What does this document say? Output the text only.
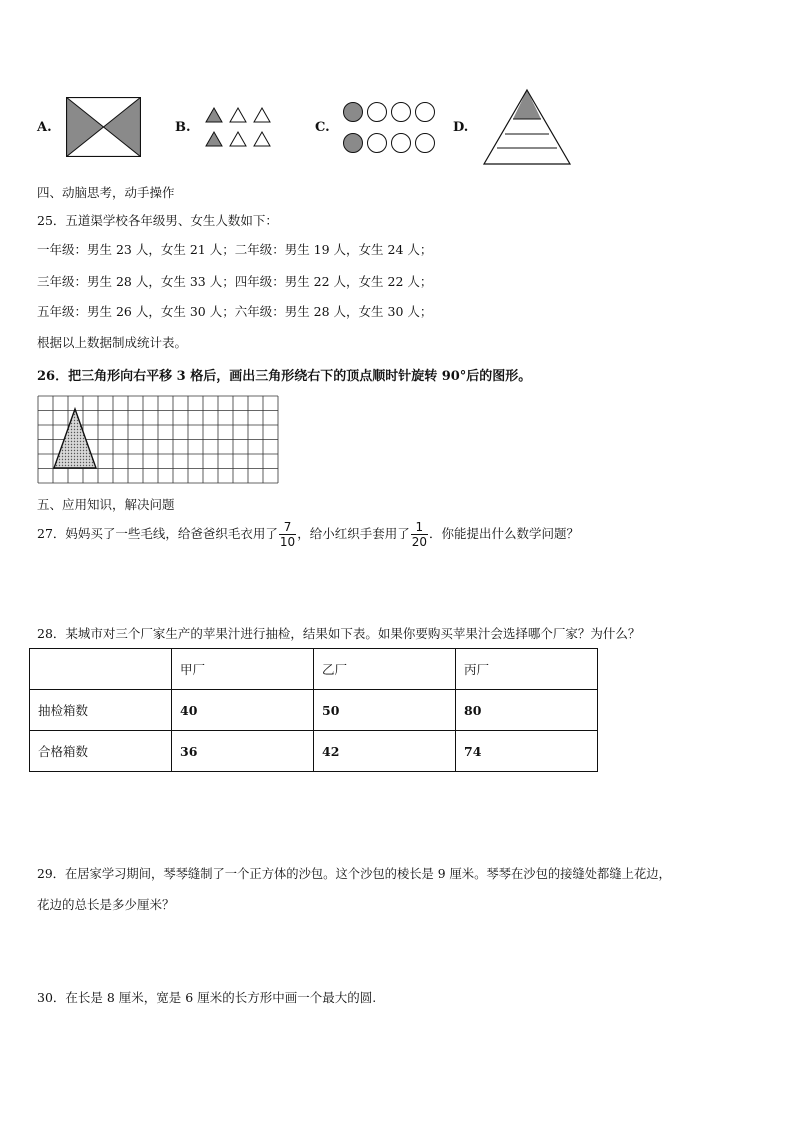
A.	B.	C.	D.
四、动脑思考，动手操作
25．五道渠学校各年级男、女生人数如下：
一年级：男生 23 人，女生 21 人；二年级：男生 19 人，女生 24 人；
三年级：男生 28 人，女生 33 人；四年级：男生 22 人，女生 22 人；
五年级：男生 26 人，女生 30 人；六年级：男生 28 人，女生 30 人；
根据以上数据制成统计表。
26．把三角形向右平移 3 格后，画出三角形绕右下的顶点顺时针旋转 90°后的图形。
五、应用知识，解决问题
27．妈妈买了一些毛线，给爸爸织毛衣用了 $\frac{7}{10}$ ，给小红织手套用了 $\frac{1}{20}$ ．你能提出什么数学问题？
28．某城市对三个厂家生产的苹果汁进行抽检，结果如下表。如果你要购买苹果汁会选择哪个厂家？为什么？
	甲厂	乙厂	丙厂
抽检箱数	40	50	80
合格箱数	36	42	74
29．在居家学习期间，琴琴缝制了一个正方体的沙包。这个沙包的棱长是 9 厘米。琴琴在沙包的接缝处都缝上花边，
花边的总长是多少厘米？
30．在长是 8 厘米，宽是 6 厘米的长方形中画一个最大的圆.
